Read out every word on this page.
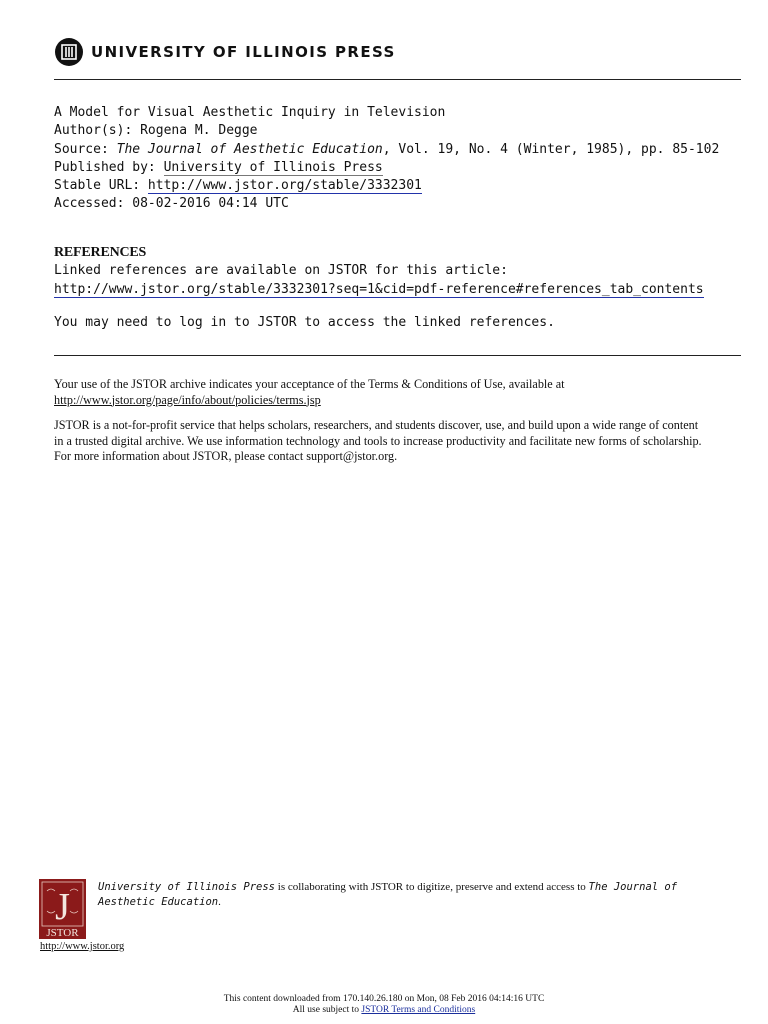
UNIVERSITY OF ILLINOIS PRESS
A Model for Visual Aesthetic Inquiry in Television
Author(s): Rogena M. Degge
Source: The Journal of Aesthetic Education, Vol. 19, No. 4 (Winter, 1985), pp. 85-102
Published by: University of Illinois Press
Stable URL: http://www.jstor.org/stable/3332301
Accessed: 08-02-2016 04:14 UTC
REFERENCES
Linked references are available on JSTOR for this article:
http://www.jstor.org/stable/3332301?seq=1&cid=pdf-reference#references_tab_contents
You may need to log in to JSTOR to access the linked references.

Your use of the JSTOR archive indicates your acceptance of the Terms & Conditions of Use, available at http://www.jstor.org/page/info/about/policies/terms.jsp

JSTOR is a not-for-profit service that helps scholars, researchers, and students discover, use, and build upon a wide range of content
in a trusted digital archive. We use information technology and tools to increase productivity and facilitate new forms of scholarship.
For more information about JSTOR, please contact support@jstor.org.

J
JSTOR
http://www.jstor.org
University of Illinois Press is collaborating with JSTOR to digitize, preserve and extend access to The Journal of Aesthetic Education.
This content downloaded from 170.140.26.180 on Mon, 08 Feb 2016 04:14:16 UTC
All use subject to JSTOR Terms and Conditions
